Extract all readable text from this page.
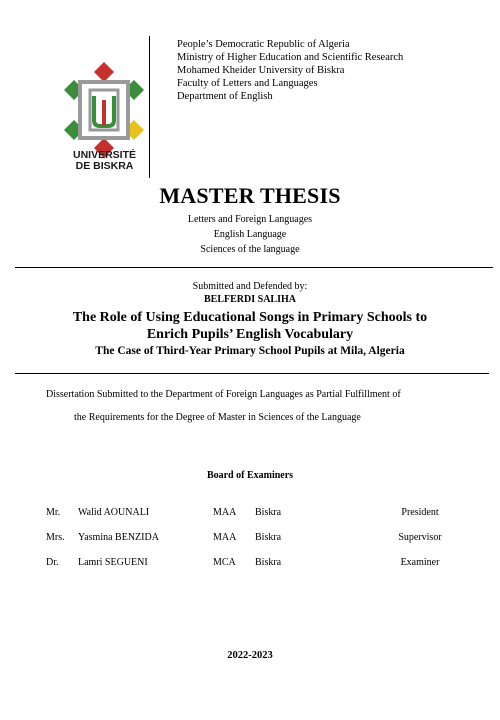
UNIVERSITÉ
DE BISKRA
People’s Democratic Republic of Algeria
Ministry of Higher Education and Scientific Research
Mohamed Kheider University of Biskra
Faculty of Letters and Languages
Department of English
MASTER THESIS
Letters and Foreign Languages
English Language
Sciences of the language
Submitted and Defended by:
BELFERDI SALIHA
The Role of Using Educational Songs in Primary Schools to
Enrich Pupils’ English Vocabulary
The Case of Third-Year Primary School Pupils at Mila, Algeria
Dissertation Submitted to the Department of Foreign Languages as Partial Fulfillment of
the Requirements for the Degree of Master in Sciences of the Language
Board of Examiners
Mr. Walid AOUNALI	MAA Biskra	President
Mrs. Yasmina BENZIDA	MAA Biskra	Supervisor
Dr. Lamri SEGUENI	MCA Biskra	Examiner
2022-2023
